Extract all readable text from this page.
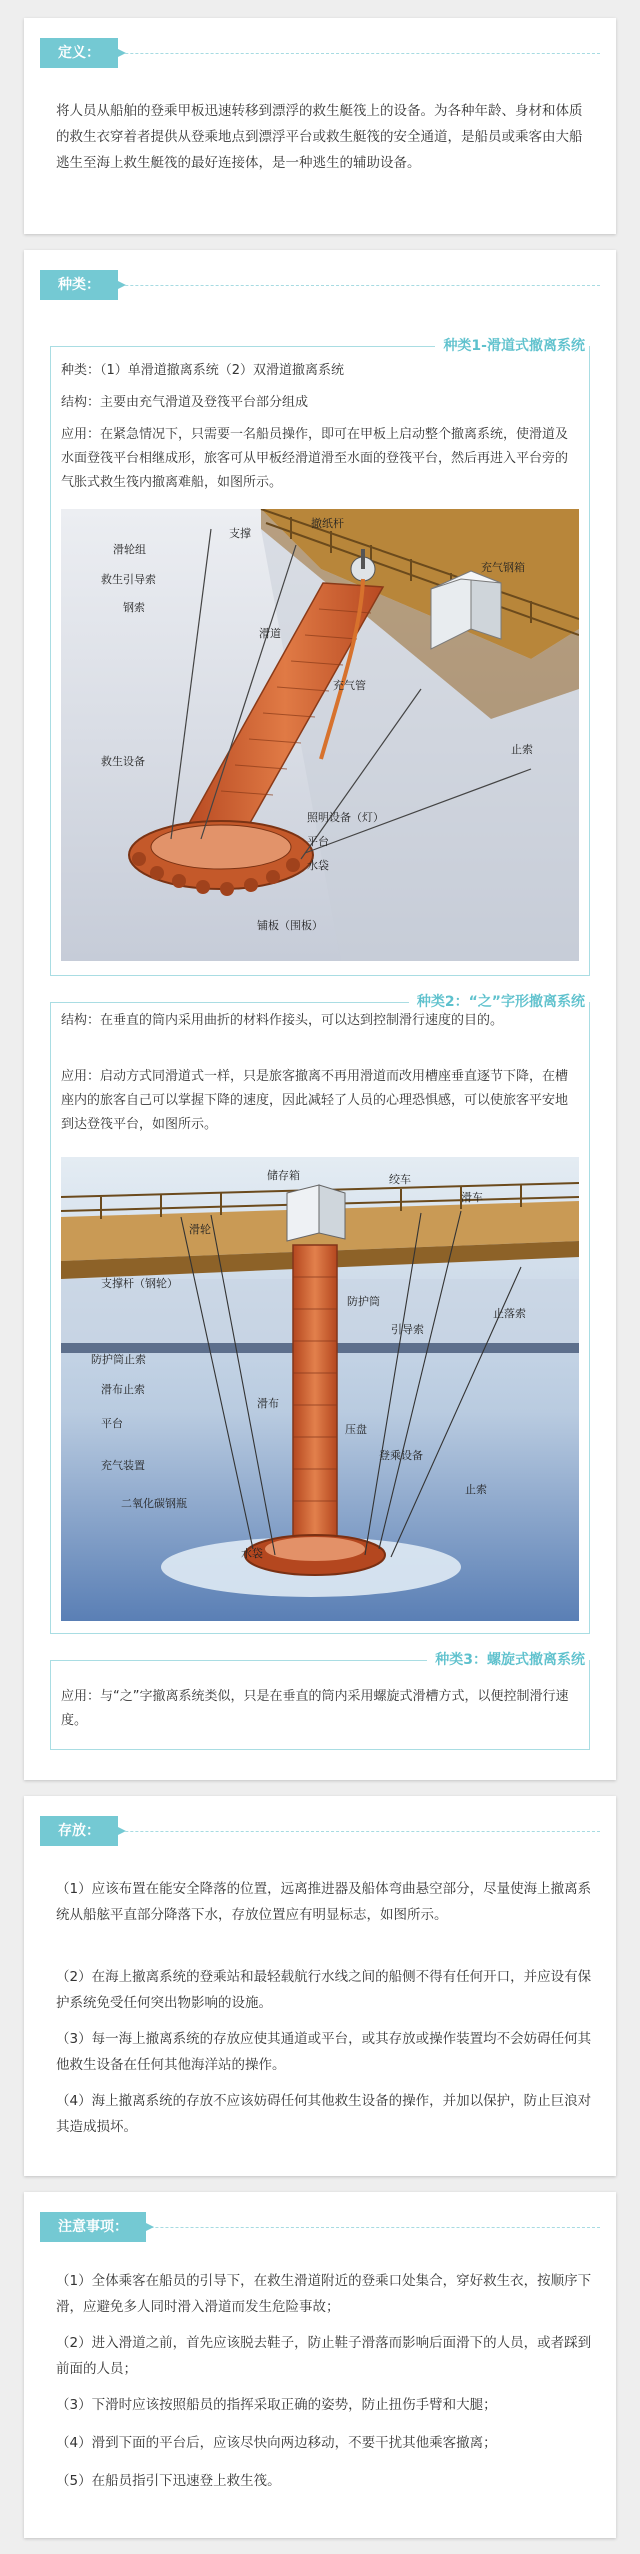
定义：

将人员从船舶的登乘甲板迅速转移到漂浮的救生艇筏上的设备。为各种年龄、身材和体质的救生衣穿着者提供从登乘地点到漂浮平台或救生艇筏的安全通道，是船员或乘客由大船逃生至海上救生艇筏的最好连接体，是一种逃生的辅助设备。

种类：
种类1-滑道式撤离系统

种类：（1）单滑道撤离系统（2）双滑道撤离系统

结构：主要由充气滑道及登筏平台部分组成

应用：在紧急情况下，只需要一名船员操作，即可在甲板上启动整个撤离系统，使滑道及水面登筏平台相继成形，旅客可从甲板经滑道滑至水面的登筏平台，然后再进入平台旁的气胀式救生筏内撤离难船，如图所示。

撤纸杆
充气钢箱
滑轮组
支撑
救生引导索
钢索
滑道
充气管
止索
救生设备
照明设备（灯）
平台
水袋
铺板（围板）
种类2：“之”字形撤离系统

结构：在垂直的筒内采用曲折的材料作接头，可以达到控制滑行速度的目的。

应用：启动方式同滑道式一样，只是旅客撤离不再用滑道而改用槽座垂直逐节下降，在槽座内的旅客自己可以掌握下降的速度，因此减轻了人员的心理恐惧感，可以使旅客平安地到达登筏平台，如图所示。

储存箱	绞车
滑车
滑轮
支撑杆（钢轮）
防护筒
引导索
止落索
防护筒止索
滑布
滑布止索
平台	压盘
登乘设备
充气装置
二氧化碳钢瓶
止索
水袋
种类3：螺旋式撤离系统

应用：与“之”字撤离系统类似，只是在垂直的筒内采用螺旋式滑槽方式，以便控制滑行速度。

存放：

（1）应该布置在能安全降落的位置，远离推进器及船体弯曲悬空部分，尽量使海上撤离系统从船舷平直部分降落下水，存放位置应有明显标志，如图所示。

（2）在海上撤离系统的登乘站和最轻载航行水线之间的船侧不得有任何开口，并应设有保护系统免受任何突出物影响的设施。

（3）每一海上撤离系统的存放应使其通道或平台，或其存放或操作装置均不会妨碍任何其他救生设备在任何其他海洋站的操作。

（4）海上撤离系统的存放不应该妨碍任何其他救生设备的操作，并加以保护，防止巨浪对其造成损坏。

注意事项：

（1）全体乘客在船员的引导下，在救生滑道附近的登乘口处集合，穿好救生衣，按顺序下滑，应避免多人同时滑入滑道而发生危险事故；

（2）进入滑道之前，首先应该脱去鞋子，防止鞋子滑落而影响后面滑下的人员，或者踩到前面的人员；

（3）下滑时应该按照船员的指挥采取正确的姿势，防止扭伤手臂和大腿；

（4）滑到下面的平台后，应该尽快向两边移动，不要干扰其他乘客撤离；

（5）在船员指引下迅速登上救生筏。
